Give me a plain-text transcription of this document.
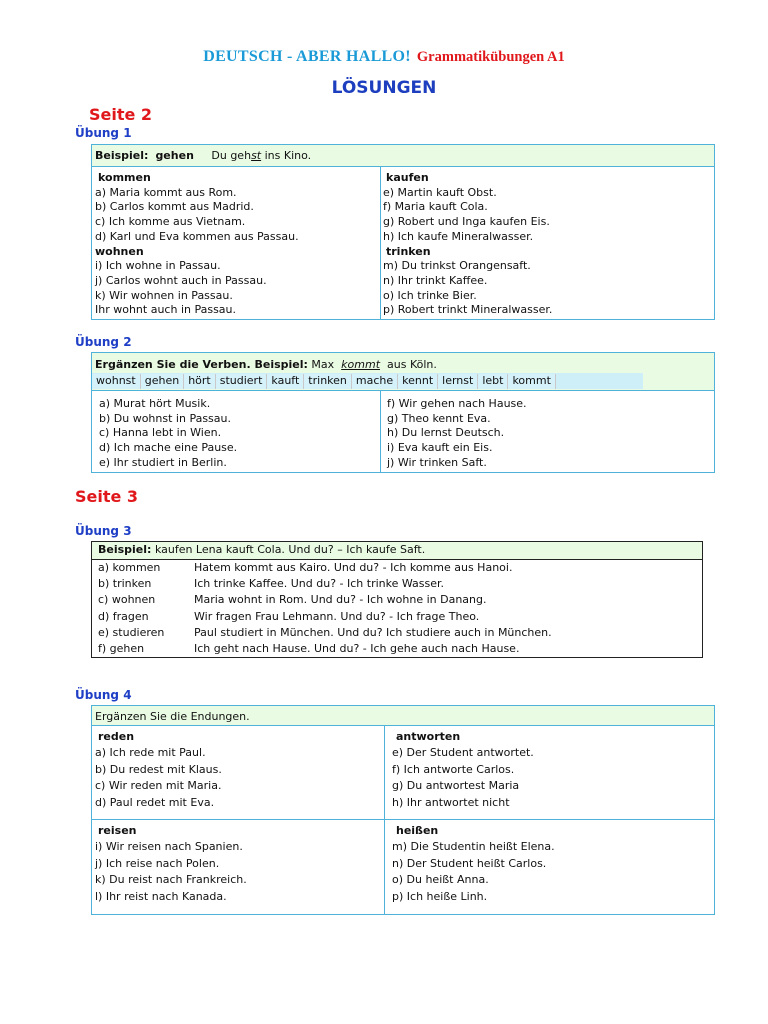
DEUTSCH - ABER HALLO! Grammatikübungen A1
LÖSUNGEN
Seite 2
Übung 1
Beispiel: gehen Du gehst ins Kino.
kommen
a) Maria kommt aus Rom.
b) Carlos kommt aus Madrid.
c) Ich komme aus Vietnam.
d) Karl und Eva kommen aus Passau.
wohnen
i) Ich wohne in Passau.
j) Carlos wohnt auch in Passau.
k) Wir wohnen in Passau.
Ihr wohnt auch in Passau.
kaufen
e) Martin kauft Obst.
f) Maria kauft Cola.
g) Robert und Inga kaufen Eis.
h) Ich kaufe Mineralwasser.
trinken
m) Du trinkst Orangensaft.
n) Ihr trinkt Kaffee.
o) Ich trinke Bier.
p) Robert trinkt Mineralwasser.
Übung 2
Ergänzen Sie die Verben. Beispiel: Max kommt aus Köln.
wohnst gehen hört studiert kauft trinken mache kennt lernst lebt kommt
a) Murat hört Musik.
b) Du wohnst in Passau.
c) Hanna lebt in Wien.
d) Ich mache eine Pause.
e) Ihr studiert in Berlin.
f) Wir gehen nach Hause.
g) Theo kennt Eva.
h) Du lernst Deutsch.
i) Eva kauft ein Eis.
j) Wir trinken Saft.
Seite 3
Übung 3
Beispiel: kaufen Lena kauft Cola. Und du? – Ich kaufe Saft.
a) kommen
b) trinken
c) wohnen
d) fragen
e) studieren
f) gehen
Hatem kommt aus Kairo. Und du? - Ich komme aus Hanoi.
Ich trinke Kaffee. Und du? - Ich trinke Wasser.
Maria wohnt in Rom. Und du? - Ich wohne in Danang.
Wir fragen Frau Lehmann. Und du? - Ich frage Theo.
Paul studiert in München. Und du? Ich studiere auch in München.
Ich geht nach Hause. Und du? - Ich gehe auch nach Hause.
Übung 4
Ergänzen Sie die Endungen.
reden
a) Ich rede mit Paul.
b) Du redest mit Klaus.
c) Wir reden mit Maria.
d) Paul redet mit Eva.
antworten
e) Der Student antwortet.
f) Ich antworte Carlos.
g) Du antwortest Maria
h) Ihr antwortet nicht
reisen
i) Wir reisen nach Spanien.
j) Ich reise nach Polen.
k) Du reist nach Frankreich.
l) Ihr reist nach Kanada.
heißen
m) Die Studentin heißt Elena.
n) Der Student heißt Carlos.
o) Du heißt Anna.
p) Ich heiße Linh.
